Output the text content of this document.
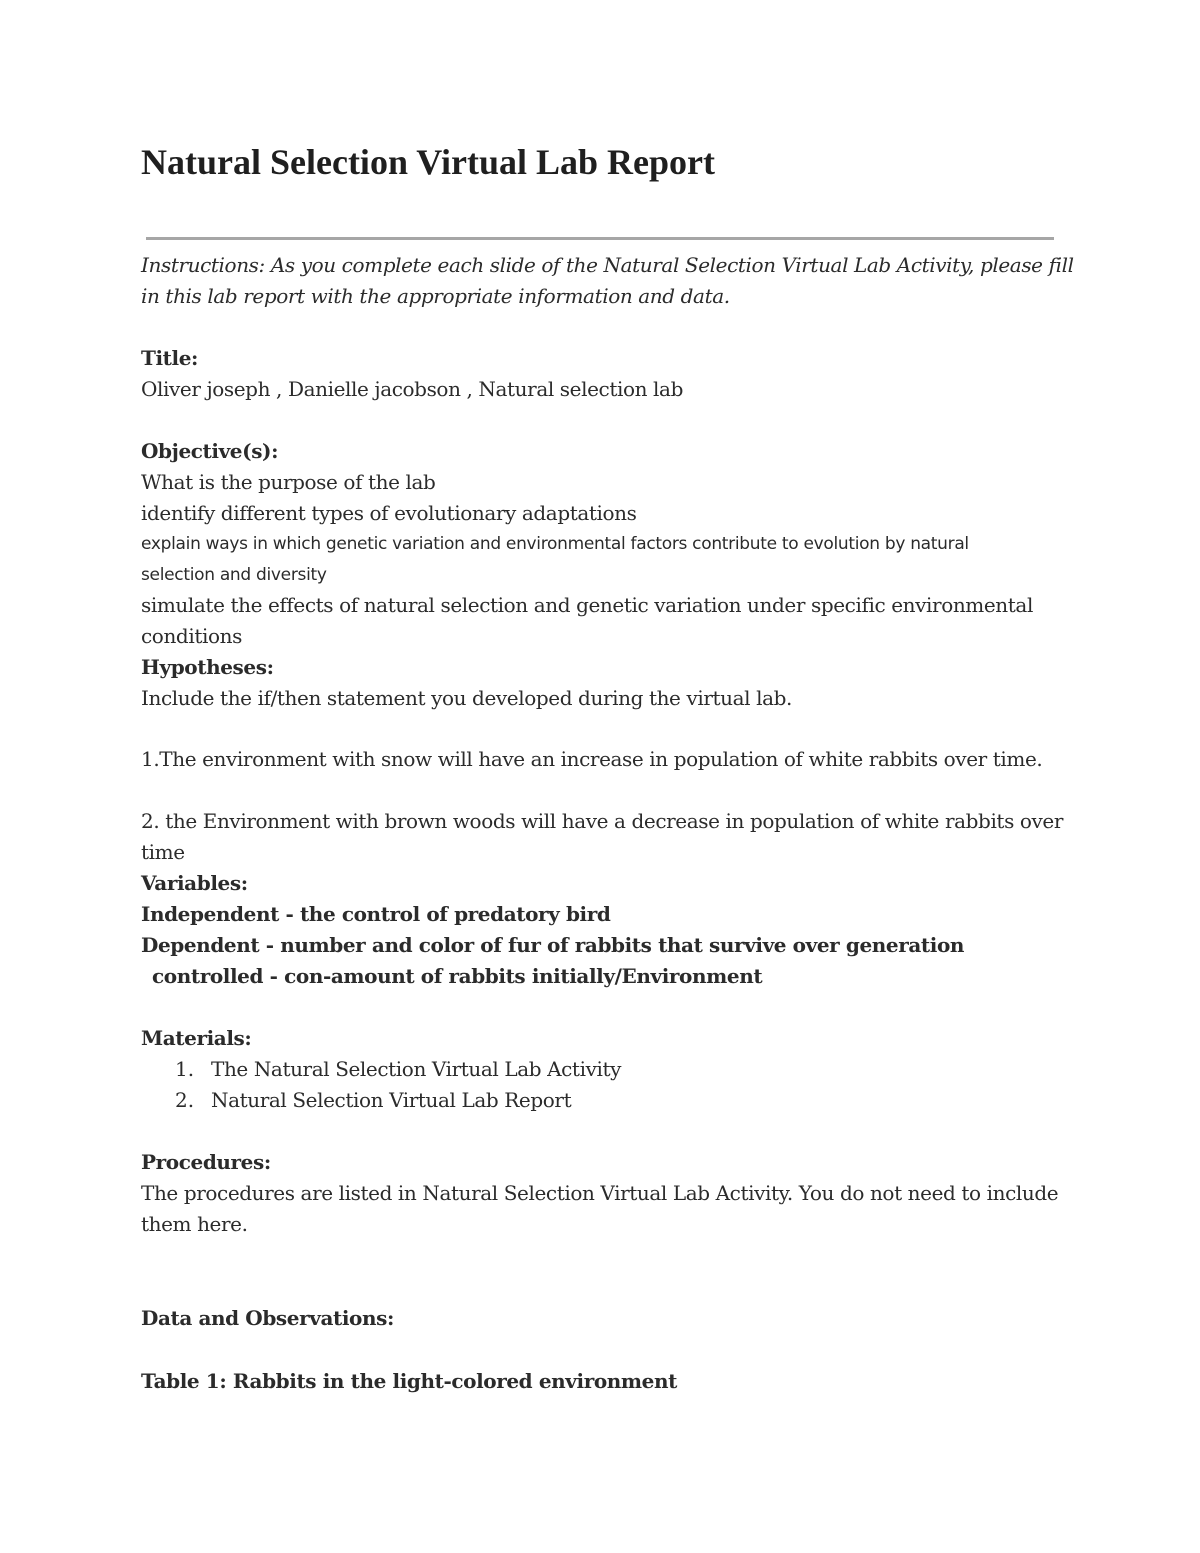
Natural Selection Virtual Lab Report
Instructions: As you complete each slide of the Natural Selection Virtual Lab Activity, please fill
in this lab report with the appropriate information and data.
Title:
Oliver joseph , Danielle jacobson , Natural selection lab
Objective(s):
What is the purpose of the lab
identify different types of evolutionary adaptations
explain ways in which genetic variation and environmental factors contribute to evolution by natural
selection and diversity
simulate the effects of natural selection and genetic variation under specific environmental
conditions
Hypotheses:
Include the if/then statement you developed during the virtual lab.
1.The environment with snow will have an increase in population of white rabbits over time.
2. the Environment with brown woods will have a decrease in population of white rabbits over
time
Variables:
Independent - the control of predatory bird
Dependent - number and color of fur of rabbits that survive over generation
controlled - con-amount of rabbits initially/Environment
Materials:
1. The Natural Selection Virtual Lab Activity
2. Natural Selection Virtual Lab Report
Procedures:
The procedures are listed in Natural Selection Virtual Lab Activity. You do not need to include
them here.
Data and Observations:
Table 1: Rabbits in the light-colored environment
